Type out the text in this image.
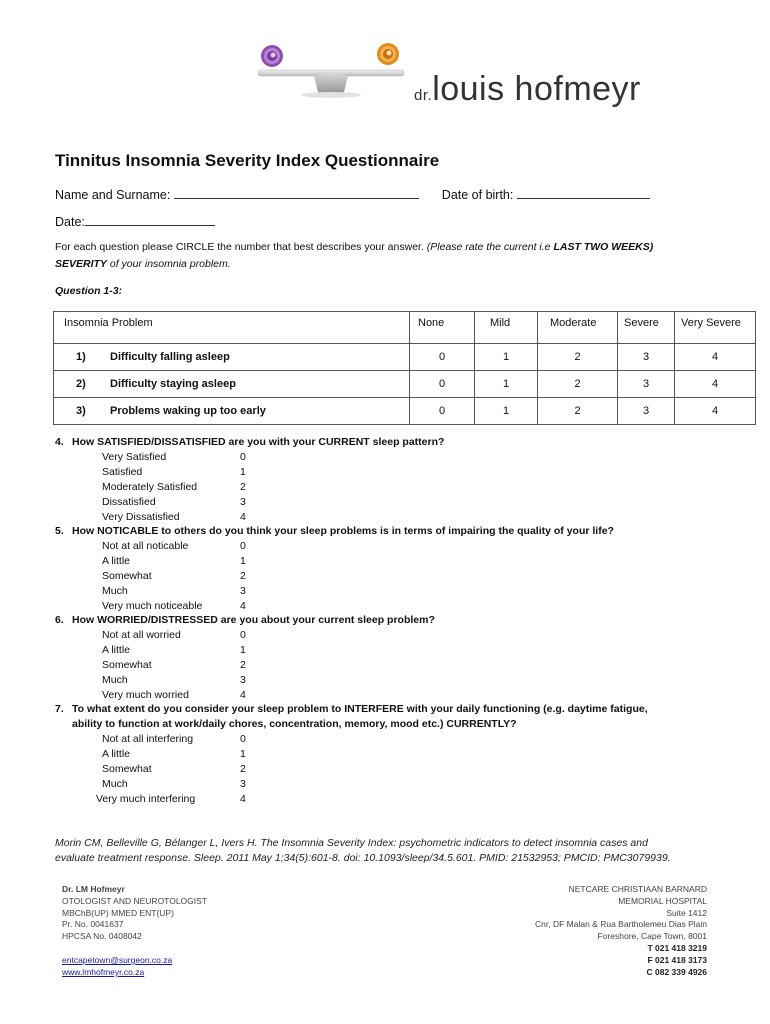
dr.louis hofmeyr
Tinnitus Insomnia Severity Index Questionnaire
Name and Surname:	Date of birth:
Date:
For each question please CIRCLE the number that best describes your answer. (Please rate the current i.e LAST TWO WEEKS)
SEVERITY of your insomnia problem.
Question 1-3:
Insomnia Problem	None	Mild	Moderate	Severe	Very Severe
1) Difficulty falling asleep	0	1	2	3	4
2) Difficulty staying asleep	0	1	2	3	4
3) Problems waking up too early	0	1	2	3	4
4. How SATISFIED/DISSATISFIED are you with your CURRENT sleep pattern?
Very Satisfied	0
Satisfied	1
Moderately Satisfied	2
Dissatisfied	3
Very Dissatisfied	4
5. How NOTICABLE to others do you think your sleep problems is in terms of impairing the quality of your life?
Not at all noticable	0
A little	1
Somewhat	2
Much	3
Very much noticeable	4
6. How WORRIED/DISTRESSED are you about your current sleep problem?
Not at all worried	0
A little	1
Somewhat	2
Much	3
Very much worried	4
7. To what extent do you consider your sleep problem to INTERFERE with your daily functioning (e.g. daytime fatigue,
ability to function at work/daily chores, concentration, memory, mood etc.) CURRENTLY?
Not at all interfering	0
A little	1
Somewhat	2
Much	3
Very much interfering	4
Morin CM, Belleville G, Bélanger L, Ivers H. The Insomnia Severity Index: psychometric indicators to detect insomnia cases and
evaluate treatment response. Sleep. 2011 May 1;34(5):601-8. doi: 10.1093/sleep/34.5.601. PMID: 21532953; PMCID: PMC3079939.
Dr. LM Hofmeyr
OTOLOGIST AND NEUROTOLOGIST
MBChB(UP) MMED ENT(UP)
Pr. No. 0041637
HPCSA No. 0408042
entcapetown@surgeon.co.za
www.lmhofmeyr.co.za
NETCARE CHRISTIAAN BARNARD
MEMORIAL HOSPITAL
Suite 1412
Cnr, DF Malan & Rua Bartholemeu Dias Plain
Foreshore, Cape Town, 8001
T 021 418 3219
F 021 418 3173
C 082 339 4926
